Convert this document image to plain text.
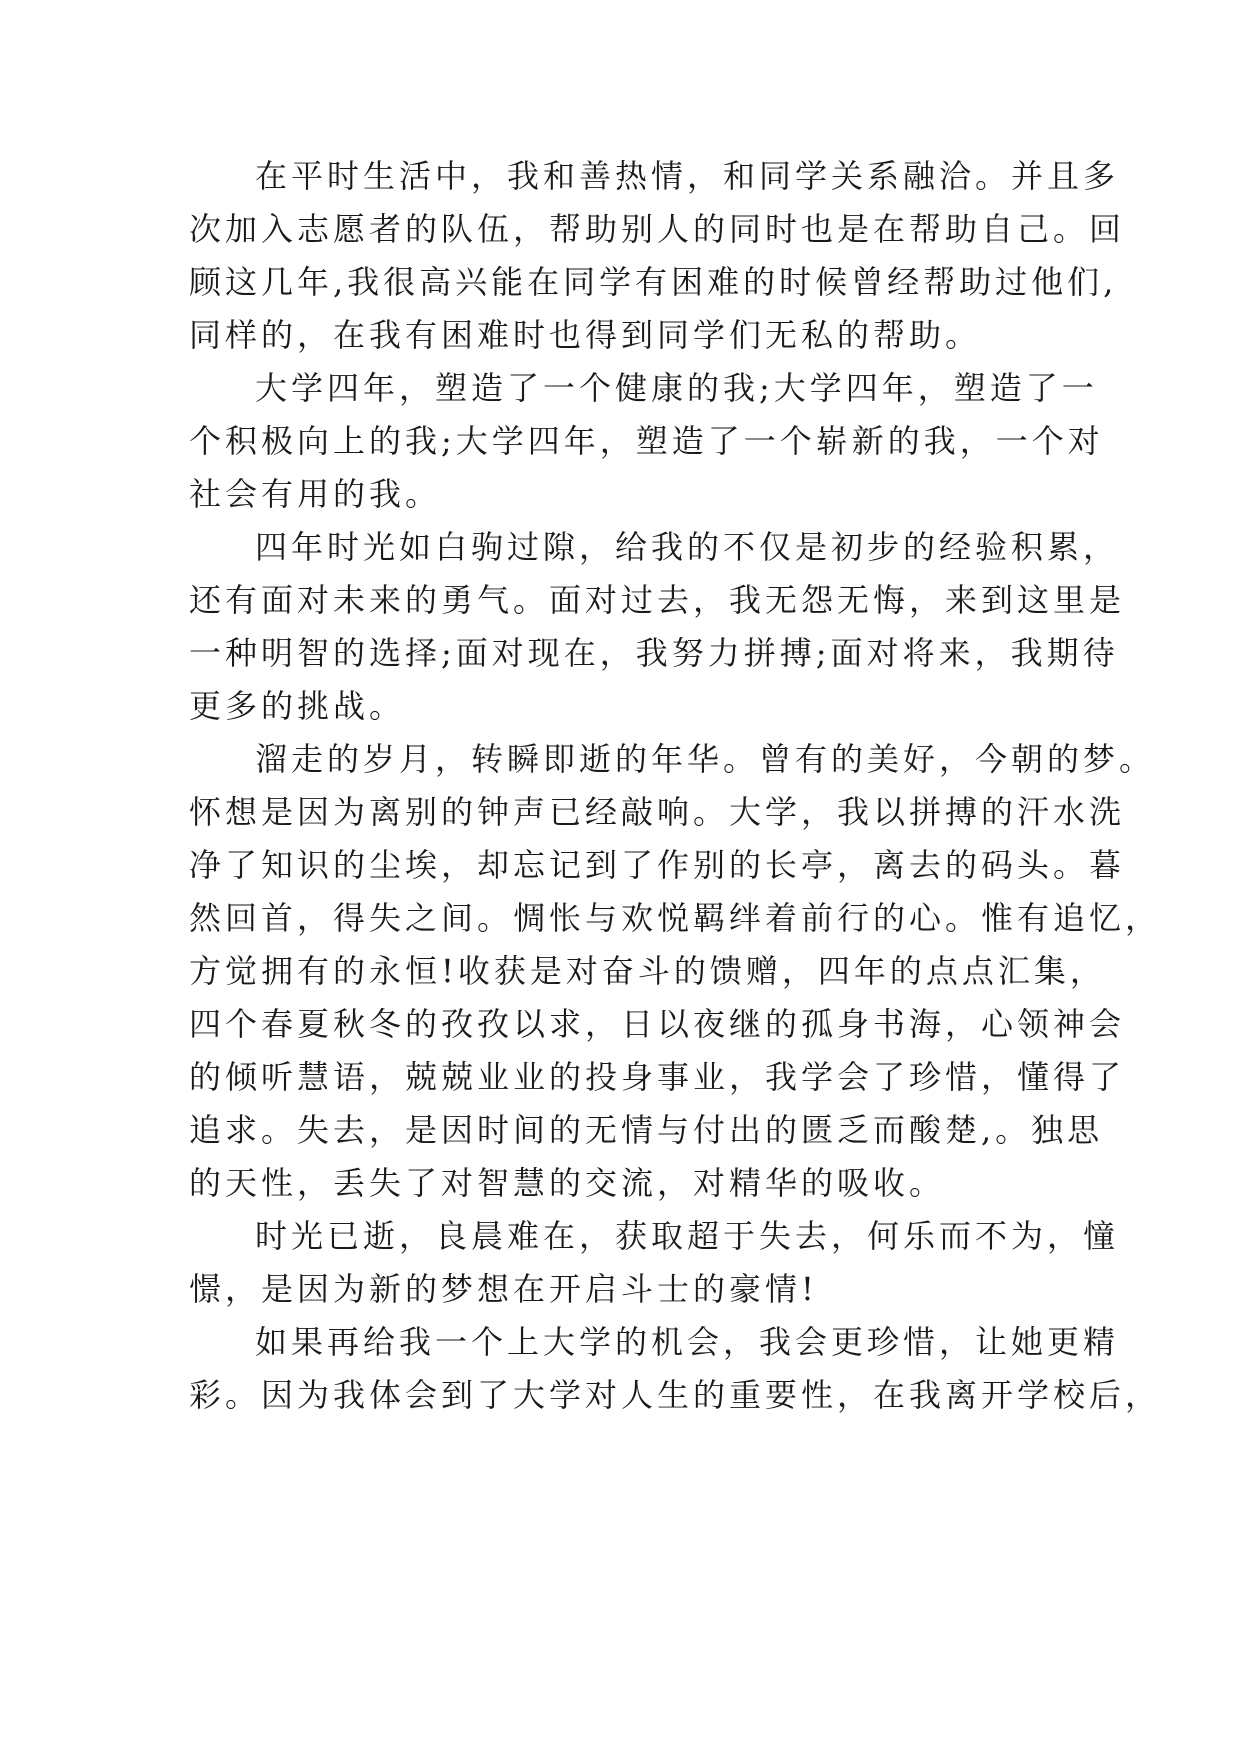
在平时生活中，我和善热情，和同学关系融洽。并且多
次加入志愿者的队伍，帮助别人的同时也是在帮助自己。回
顾这几年,我很高兴能在同学有困难的时候曾经帮助过他们,
同样的，在我有困难时也得到同学们无私的帮助。
大学四年，塑造了一个健康的我;大学四年，塑造了一
个积极向上的我;大学四年，塑造了一个崭新的我，一个对
社会有用的我。
四年时光如白驹过隙，给我的不仅是初步的经验积累，
还有面对未来的勇气。面对过去，我无怨无悔，来到这里是
一种明智的选择;面对现在，我努力拼搏;面对将来，我期待
更多的挑战。
溜走的岁月，转瞬即逝的年华。曾有的美好，今朝的梦。
怀想是因为离别的钟声已经敲响。大学，我以拼搏的汗水洗
净了知识的尘埃，却忘记到了作别的长亭，离去的码头。暮
然回首，得失之间。惆怅与欢悦羁绊着前行的心。惟有追忆，
方觉拥有的永恒!收获是对奋斗的馈赠，四年的点点汇集，
四个春夏秋冬的孜孜以求，日以夜继的孤身书海，心领神会
的倾听慧语，兢兢业业的投身事业，我学会了珍惜，懂得了
追求。失去，是因时间的无情与付出的匮乏而酸楚,。独思
的天性，丢失了对智慧的交流，对精华的吸收。
时光已逝，良晨难在，获取超于失去，何乐而不为，憧
憬，是因为新的梦想在开启斗士的豪情!
如果再给我一个上大学的机会，我会更珍惜，让她更精
彩。因为我体会到了大学对人生的重要性，在我离开学校后，
